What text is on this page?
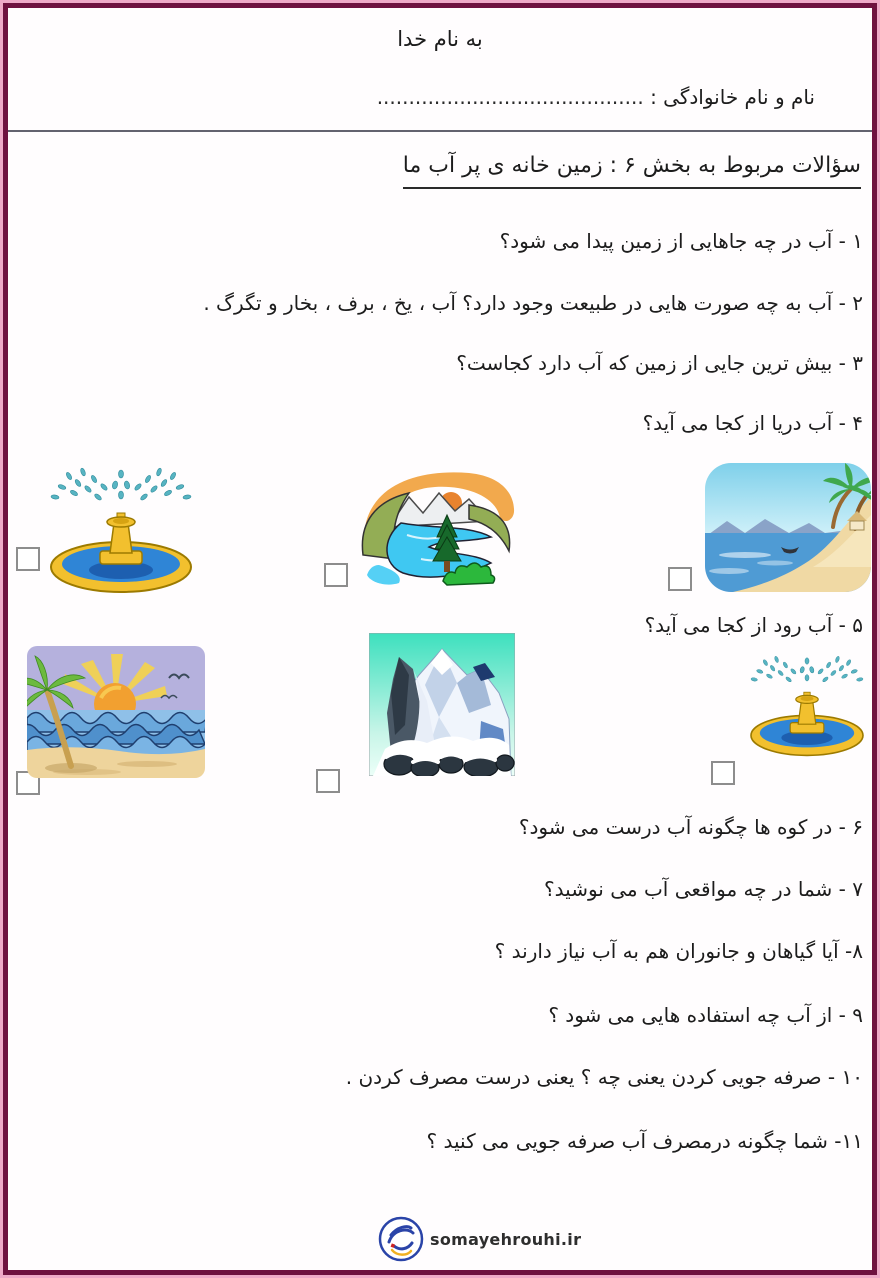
به نام خدا
نام و نام خانوادگی : ..........................................
سؤالات مربوط به بخش ۶ : زمین خانه ی پر آب ما
۱ - آب در چه جاهایی از زمین پیدا می شود؟
۲ - آب به چه صورت هایی در طبیعت وجود دارد؟ آب ، یخ ، برف ، بخار و تگرگ .
۳ - بیش ترین جایی از زمین که آب دارد کجاست؟
۴ - آب دریا از کجا می آید؟
۵ - آب رود از کجا می آید؟
۶ - در کوه ها چگونه آب درست می شود؟
۷ - شما در چه مواقعی آب می نوشید؟
۸- آیا گیاهان و جانوران هم به آب نیاز دارند ؟
۹ - از آب چه استفاده هایی می شود ؟
۱۰ - صرفه جویی کردن یعنی چه ؟ یعنی درست مصرف کردن .
۱۱- شما چگونه درمصرف آب صرفه جویی می کنید ؟
somayehrouhi.ir
